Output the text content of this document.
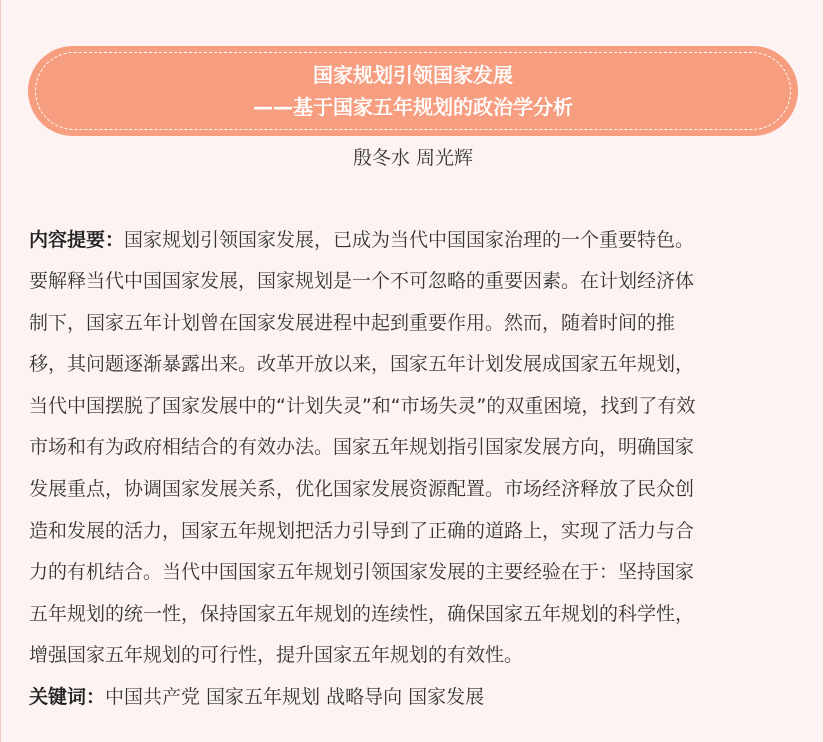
国家规划引领国家发展
——基于国家五年规划的政治学分析
殷冬水 周光辉
内容提要：国家规划引领国家发展，已成为当代中国国家治理的一个重要特色。
要解释当代中国国家发展，国家规划是一个不可忽略的重要因素。在计划经济体
制下，国家五年计划曾在国家发展进程中起到重要作用。然而，随着时间的推
移，其问题逐渐暴露出来。改革开放以来，国家五年计划发展成国家五年规划，
当代中国摆脱了国家发展中的“计划失灵”和“市场失灵”的双重困境，找到了有效
市场和有为政府相结合的有效办法。国家五年规划指引国家发展方向，明确国家
发展重点，协调国家发展关系，优化国家发展资源配置。市场经济释放了民众创
造和发展的活力，国家五年规划把活力引导到了正确的道路上，实现了活力与合
力的有机结合。当代中国国家五年规划引领国家发展的主要经验在于：坚持国家
五年规划的统一性，保持国家五年规划的连续性，确保国家五年规划的科学性，
增强国家五年规划的可行性，提升国家五年规划的有效性。
关键词：中国共产党 国家五年规划 战略导向 国家发展
